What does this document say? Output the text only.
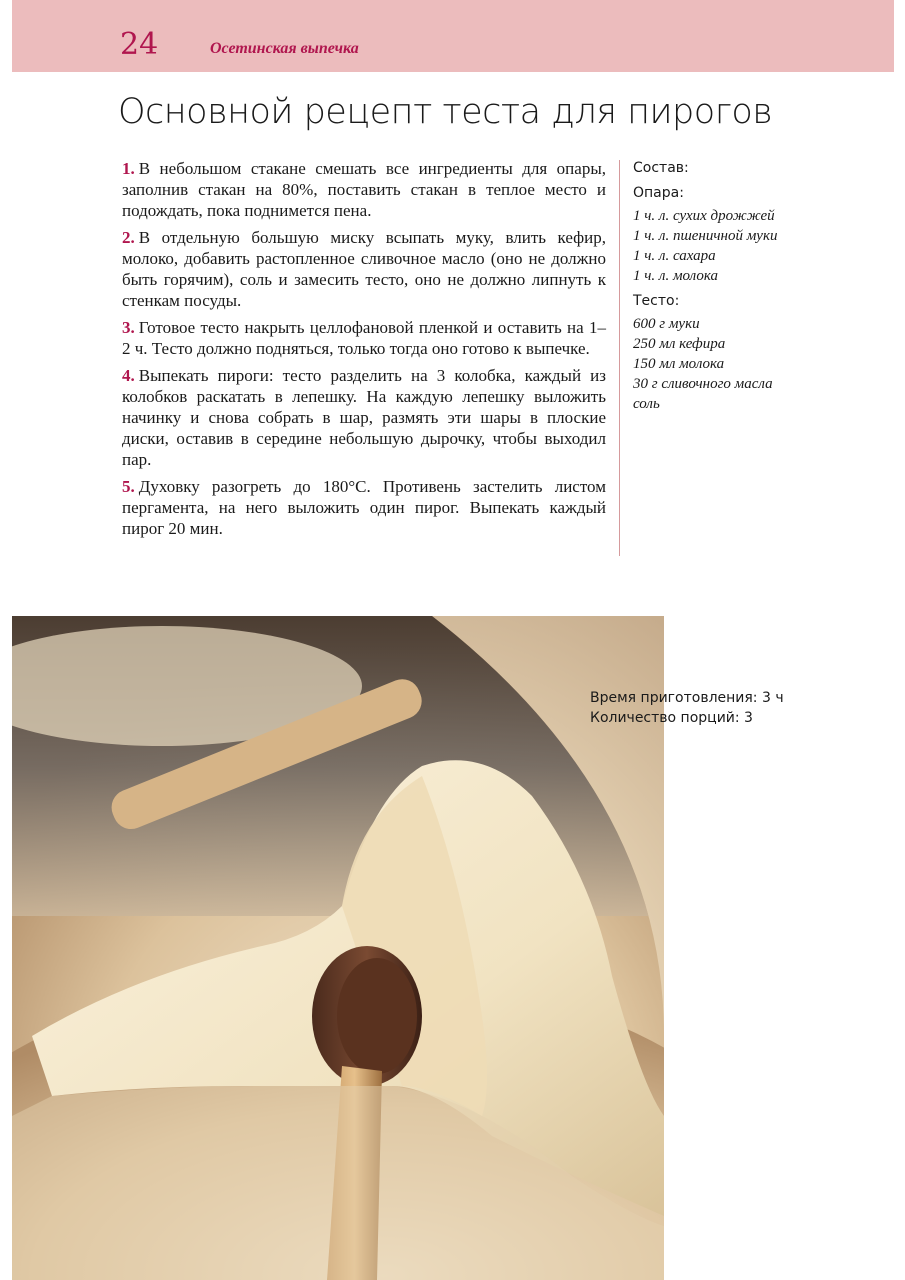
24	Осетинская выпечка
Основной рецепт теста для пирогов

1. В небольшом стакане смешать все ингредиенты для опары, заполнив стакан на 80%, поставить стакан в теплое место и подождать, пока поднимется пена.

2. В отдельную большую миску всыпать муку, влить кефир, молоко, добавить растопленное сливочное масло (оно не должно быть горячим), соль и замесить тесто, оно не должно липнуть к стенкам посуды.

3. Готовое тесто накрыть целлофановой пленкой и оставить на 1–2 ч. Тесто должно подняться, только тогда оно готово к выпечке.

4. Выпекать пироги: тесто разделить на 3 колобка, каждый из колобков раскатать в лепешку. На каждую лепешку выложить начинку и снова собрать в шар, размять эти шары в плоские диски, оставив в середине небольшую дырочку, чтобы выходил пар.

5. Духовку разогреть до 180°С. Противень застелить листом пергамента, на него выложить один пирог. Выпекать каждый пирог 20 мин.

Состав:
Опара:
1 ч. л. сухих дрожжей
1 ч. л. пшеничной муки
1 ч. л. сахара
1 ч. л. молока
Тесто:
600 г муки
250 мл кефира
150 мл молока
30 г сливочного масла
соль
Время приготовления: 3 ч
Количество порций: 3
